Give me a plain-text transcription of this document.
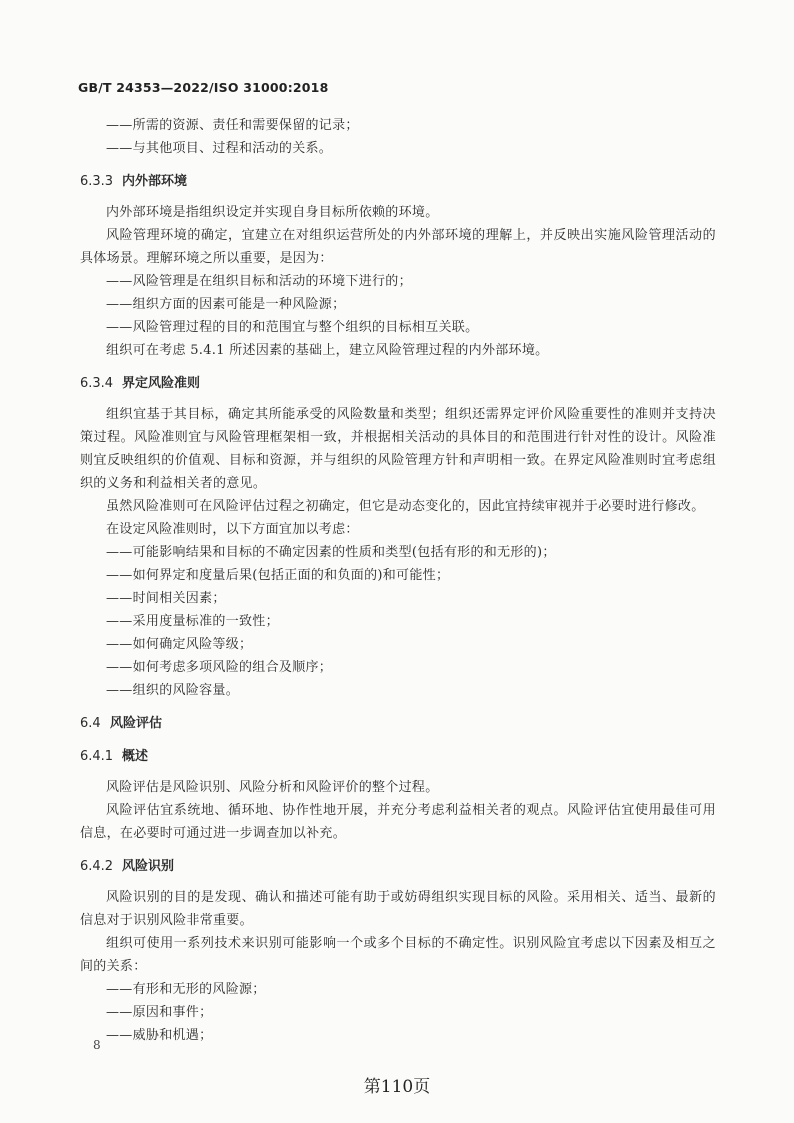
GB/T 24353—2022/ISO 31000:2018

——所需的资源、责任和需要保留的记录；

——与其他项目、过程和活动的关系。

6.3.3 内外部环境

内外部环境是指组织设定并实现自身目标所依赖的环境。

风险管理环境的确定，宜建立在对组织运营所处的内外部环境的理解上，并反映出实施风险管理活动的具体场景。理解环境之所以重要，是因为：

——风险管理是在组织目标和活动的环境下进行的；

——组织方面的因素可能是一种风险源；

——风险管理过程的目的和范围宜与整个组织的目标相互关联。

组织可在考虑 5.4.1 所述因素的基础上，建立风险管理过程的内外部环境。

6.3.4 界定风险准则

组织宜基于其目标，确定其所能承受的风险数量和类型；组织还需界定评价风险重要性的准则并支持决策过程。风险准则宜与风险管理框架相一致，并根据相关活动的具体目的和范围进行针对性的设计。风险准则宜反映组织的价值观、目标和资源，并与组织的风险管理方针和声明相一致。在界定风险准则时宜考虑组织的义务和利益相关者的意见。

虽然风险准则可在风险评估过程之初确定，但它是动态变化的，因此宜持续审视并于必要时进行修改。

在设定风险准则时，以下方面宜加以考虑：

——可能影响结果和目标的不确定因素的性质和类型(包括有形的和无形的)；

——如何界定和度量后果(包括正面的和负面的)和可能性；

——时间相关因素；

——采用度量标准的一致性；

——如何确定风险等级；

——如何考虑多项风险的组合及顺序；

——组织的风险容量。

6.4 风险评估
6.4.1 概述

风险评估是风险识别、风险分析和风险评价的整个过程。

风险评估宜系统地、循环地、协作性地开展，并充分考虑利益相关者的观点。风险评估宜使用最佳可用信息，在必要时可通过进一步调查加以补充。

6.4.2 风险识别

风险识别的目的是发现、确认和描述可能有助于或妨碍组织实现目标的风险。采用相关、适当、最新的信息对于识别风险非常重要。

组织可使用一系列技术来识别可能影响一个或多个目标的不确定性。识别风险宜考虑以下因素及相互之间的关系：

——有形和无形的风险源；

——原因和事件；

——威胁和机遇；

8
第110页
